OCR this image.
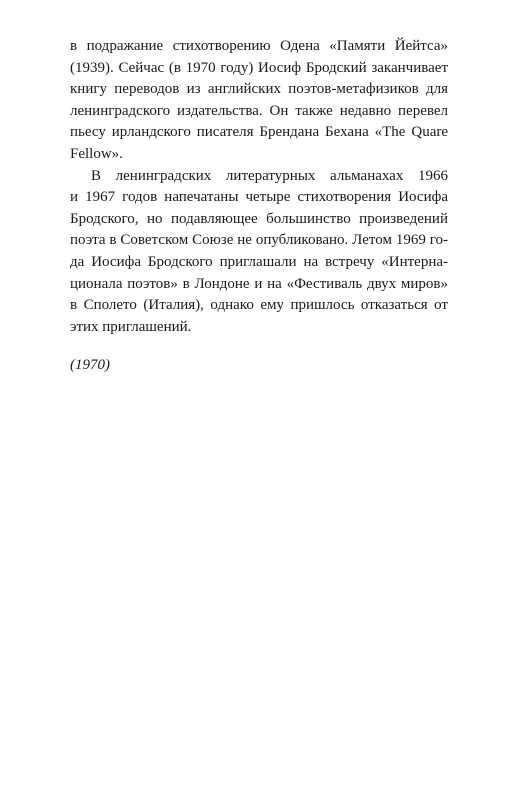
в подражание стихотворению Одена «Памяти Йейтса»
(1939). Сейчас (в 1970 году) Иосиф Бродский заканчивает
книгу переводов из английских поэтов-метафизиков для
ленинградского издательства. Он также недавно перевел
пьесу ирландского писателя Брендана Бехана «The Quare
Fellow».
В ленинградских литературных альманахах 1966
и 1967 годов напечатаны четыре стихотворения Иосифа
Бродского, но подавляющее большинство произведений
поэта в Советском Союзе не опубликовано. Летом 1969 го-
да Иосифа Бродского приглашали на встречу «Интерна-
ционала поэтов» в Лондоне и на «Фестиваль двух миров»
в Сполето (Италия), однако ему пришлось отказаться от
этих приглашений.
(1970)
